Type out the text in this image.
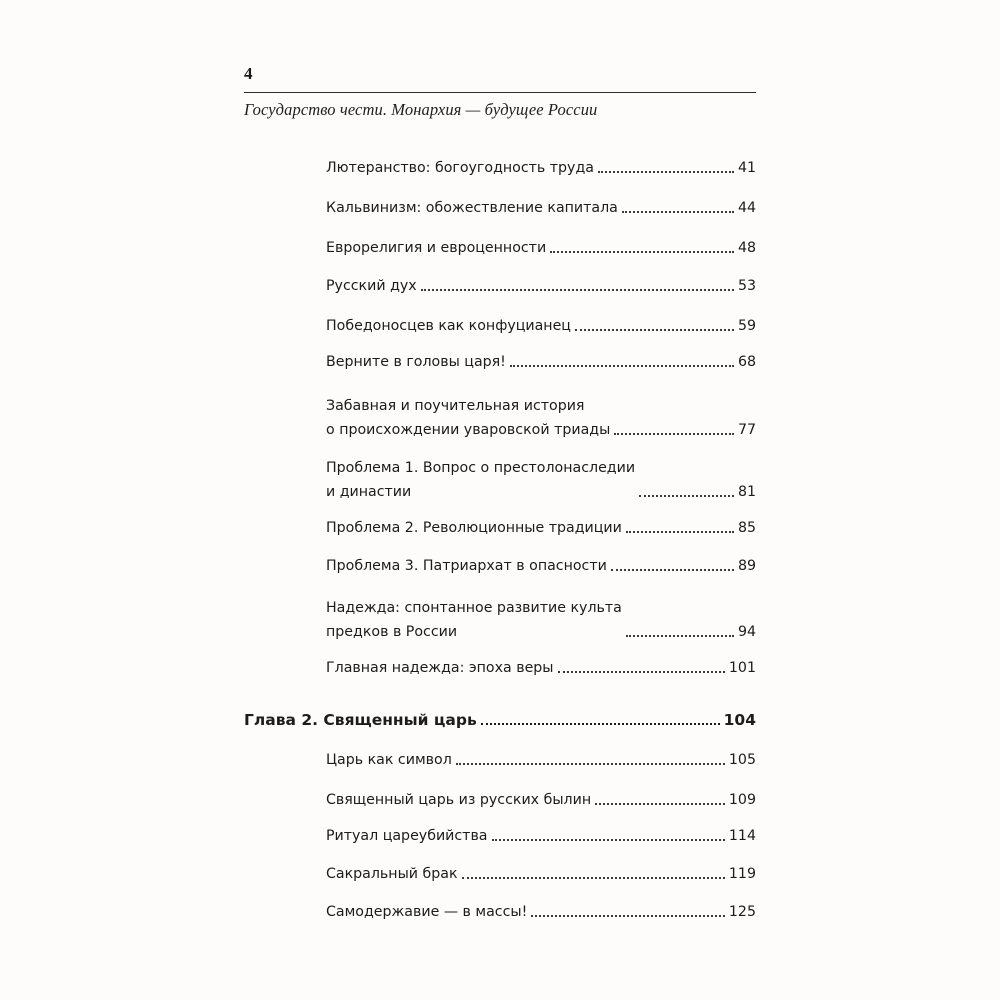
4
Государство чести. Монархия — будущее России
Лютеранство: богоугодность труда	41
Кальвинизм: обожествление капитала	44
Еврорелигия и евроценности	48
Русский дух	53
Победоносцев как конфуцианец	59
Верните в головы царя!	68
Забавная и поучительная история
о происхождении уваровской триады	77
Проблема 1. Вопрос о престолонаследии
и династии	81
Проблема 2. Революционные традиции	85
Проблема 3. Патриархат в опасности	89
Надежда: спонтанное развитие культа
предков в России	94
Главная надежда: эпоха веры	101
Глава 2. Священный царь	104
Царь как символ	105
Священный царь из русских былин	109
Ритуал цареубийства	114
Сакральный брак	119
Самодержавие — в массы!	125
